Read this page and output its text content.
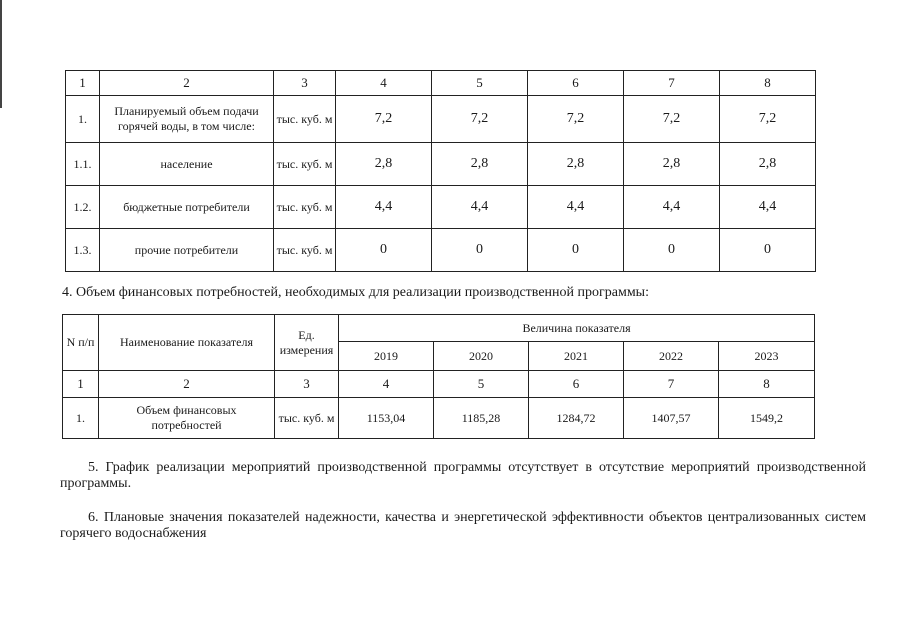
1	2	3	4	5	6	7	8
1.	Планируемый объем подачи горячей воды, в том числе:	тыс. куб. м	7,2	7,2	7,2	7,2	7,2
1.1.	население	тыс. куб. м	2,8	2,8	2,8	2,8	2,8
1.2.	бюджетные потребители	тыс. куб. м	4,4	4,4	4,4	4,4	4,4
1.3.	прочие потребители	тыс. куб. м	0	0	0	0	0
4. Объем финансовых потребностей, необходимых для реализации производственной программы:
N п/п	Наименование показателя	Ед. измерения	Величина показателя				
			2019	2020	2021	2022	2023
1	2	3	4	5	6	7	8
1.	Объем финансовых потребностей	тыс. куб. м	1153,04	1185,28	1284,72	1407,57	1549,2
5. График реализации мероприятий производственной программы отсутствует в отсутствие мероприятий производственной программы.
6. Плановые значения показателей надежности, качества и энергетической эффективности объектов централизованных систем горячего водоснабжения
